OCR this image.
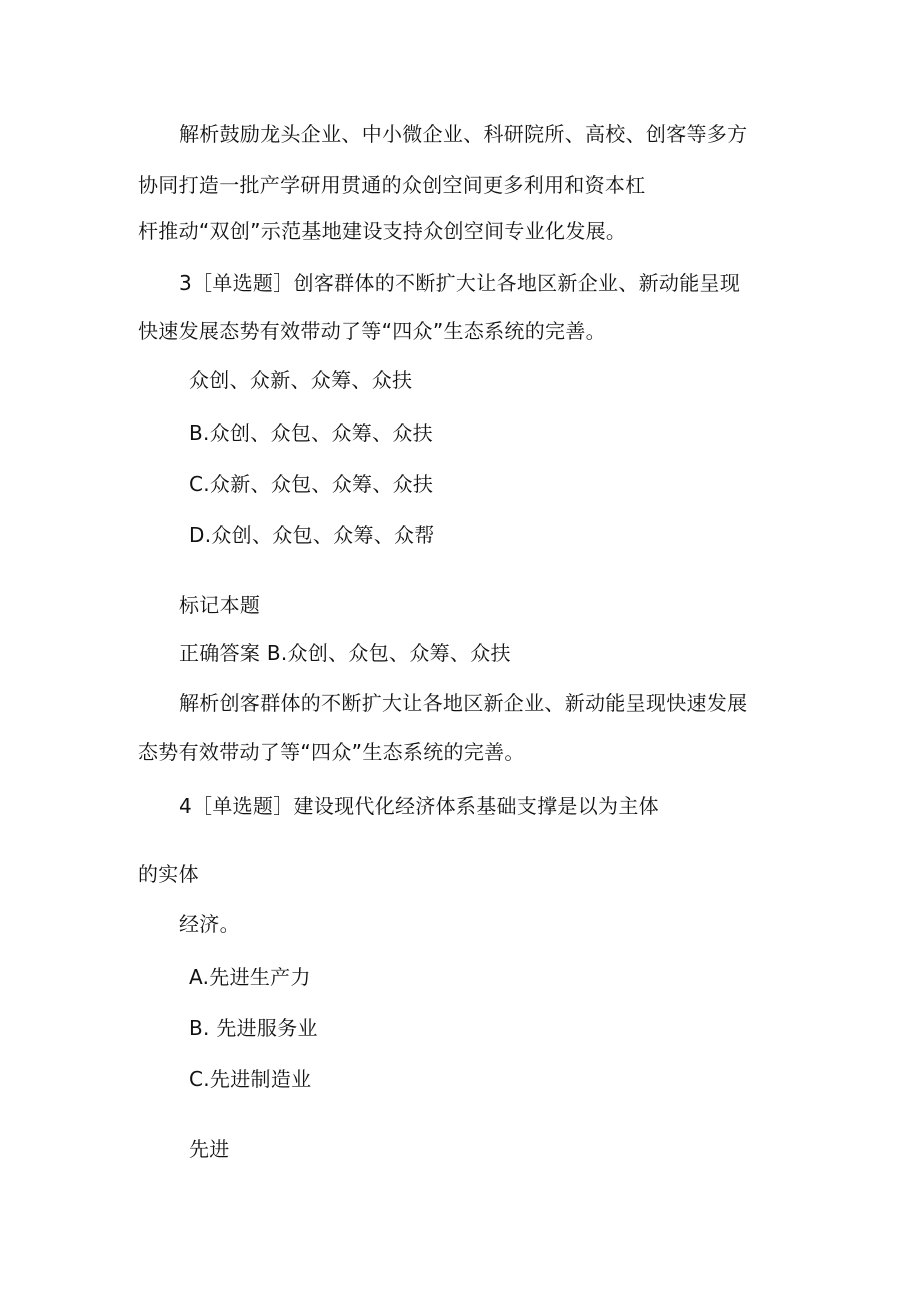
解析鼓励龙头企业、中小微企业、科研院所、高校、创客等多方
协同打造一批产学研用贯通的众创空间更多利用和资本杠
杆推动“双创”示范基地建设支持众创空间专业化发展。
3［单选题］创客群体的不断扩大让各地区新企业、新动能呈现
快速发展态势有效带动了等“四众”生态系统的完善。
众创、众新、众筹、众扶
B.众创、众包、众筹、众扶
C.众新、众包、众筹、众扶
D.众创、众包、众筹、众帮
标记本题
正确答案 B.众创、众包、众筹、众扶
解析创客群体的不断扩大让各地区新企业、新动能呈现快速发展
态势有效带动了等“四众”生态系统的完善。
4［单选题］建设现代化经济体系基础支撑是以为主体
的实体
经济。
A.先进生产力
B. 先进服务业
C.先进制造业
先进
